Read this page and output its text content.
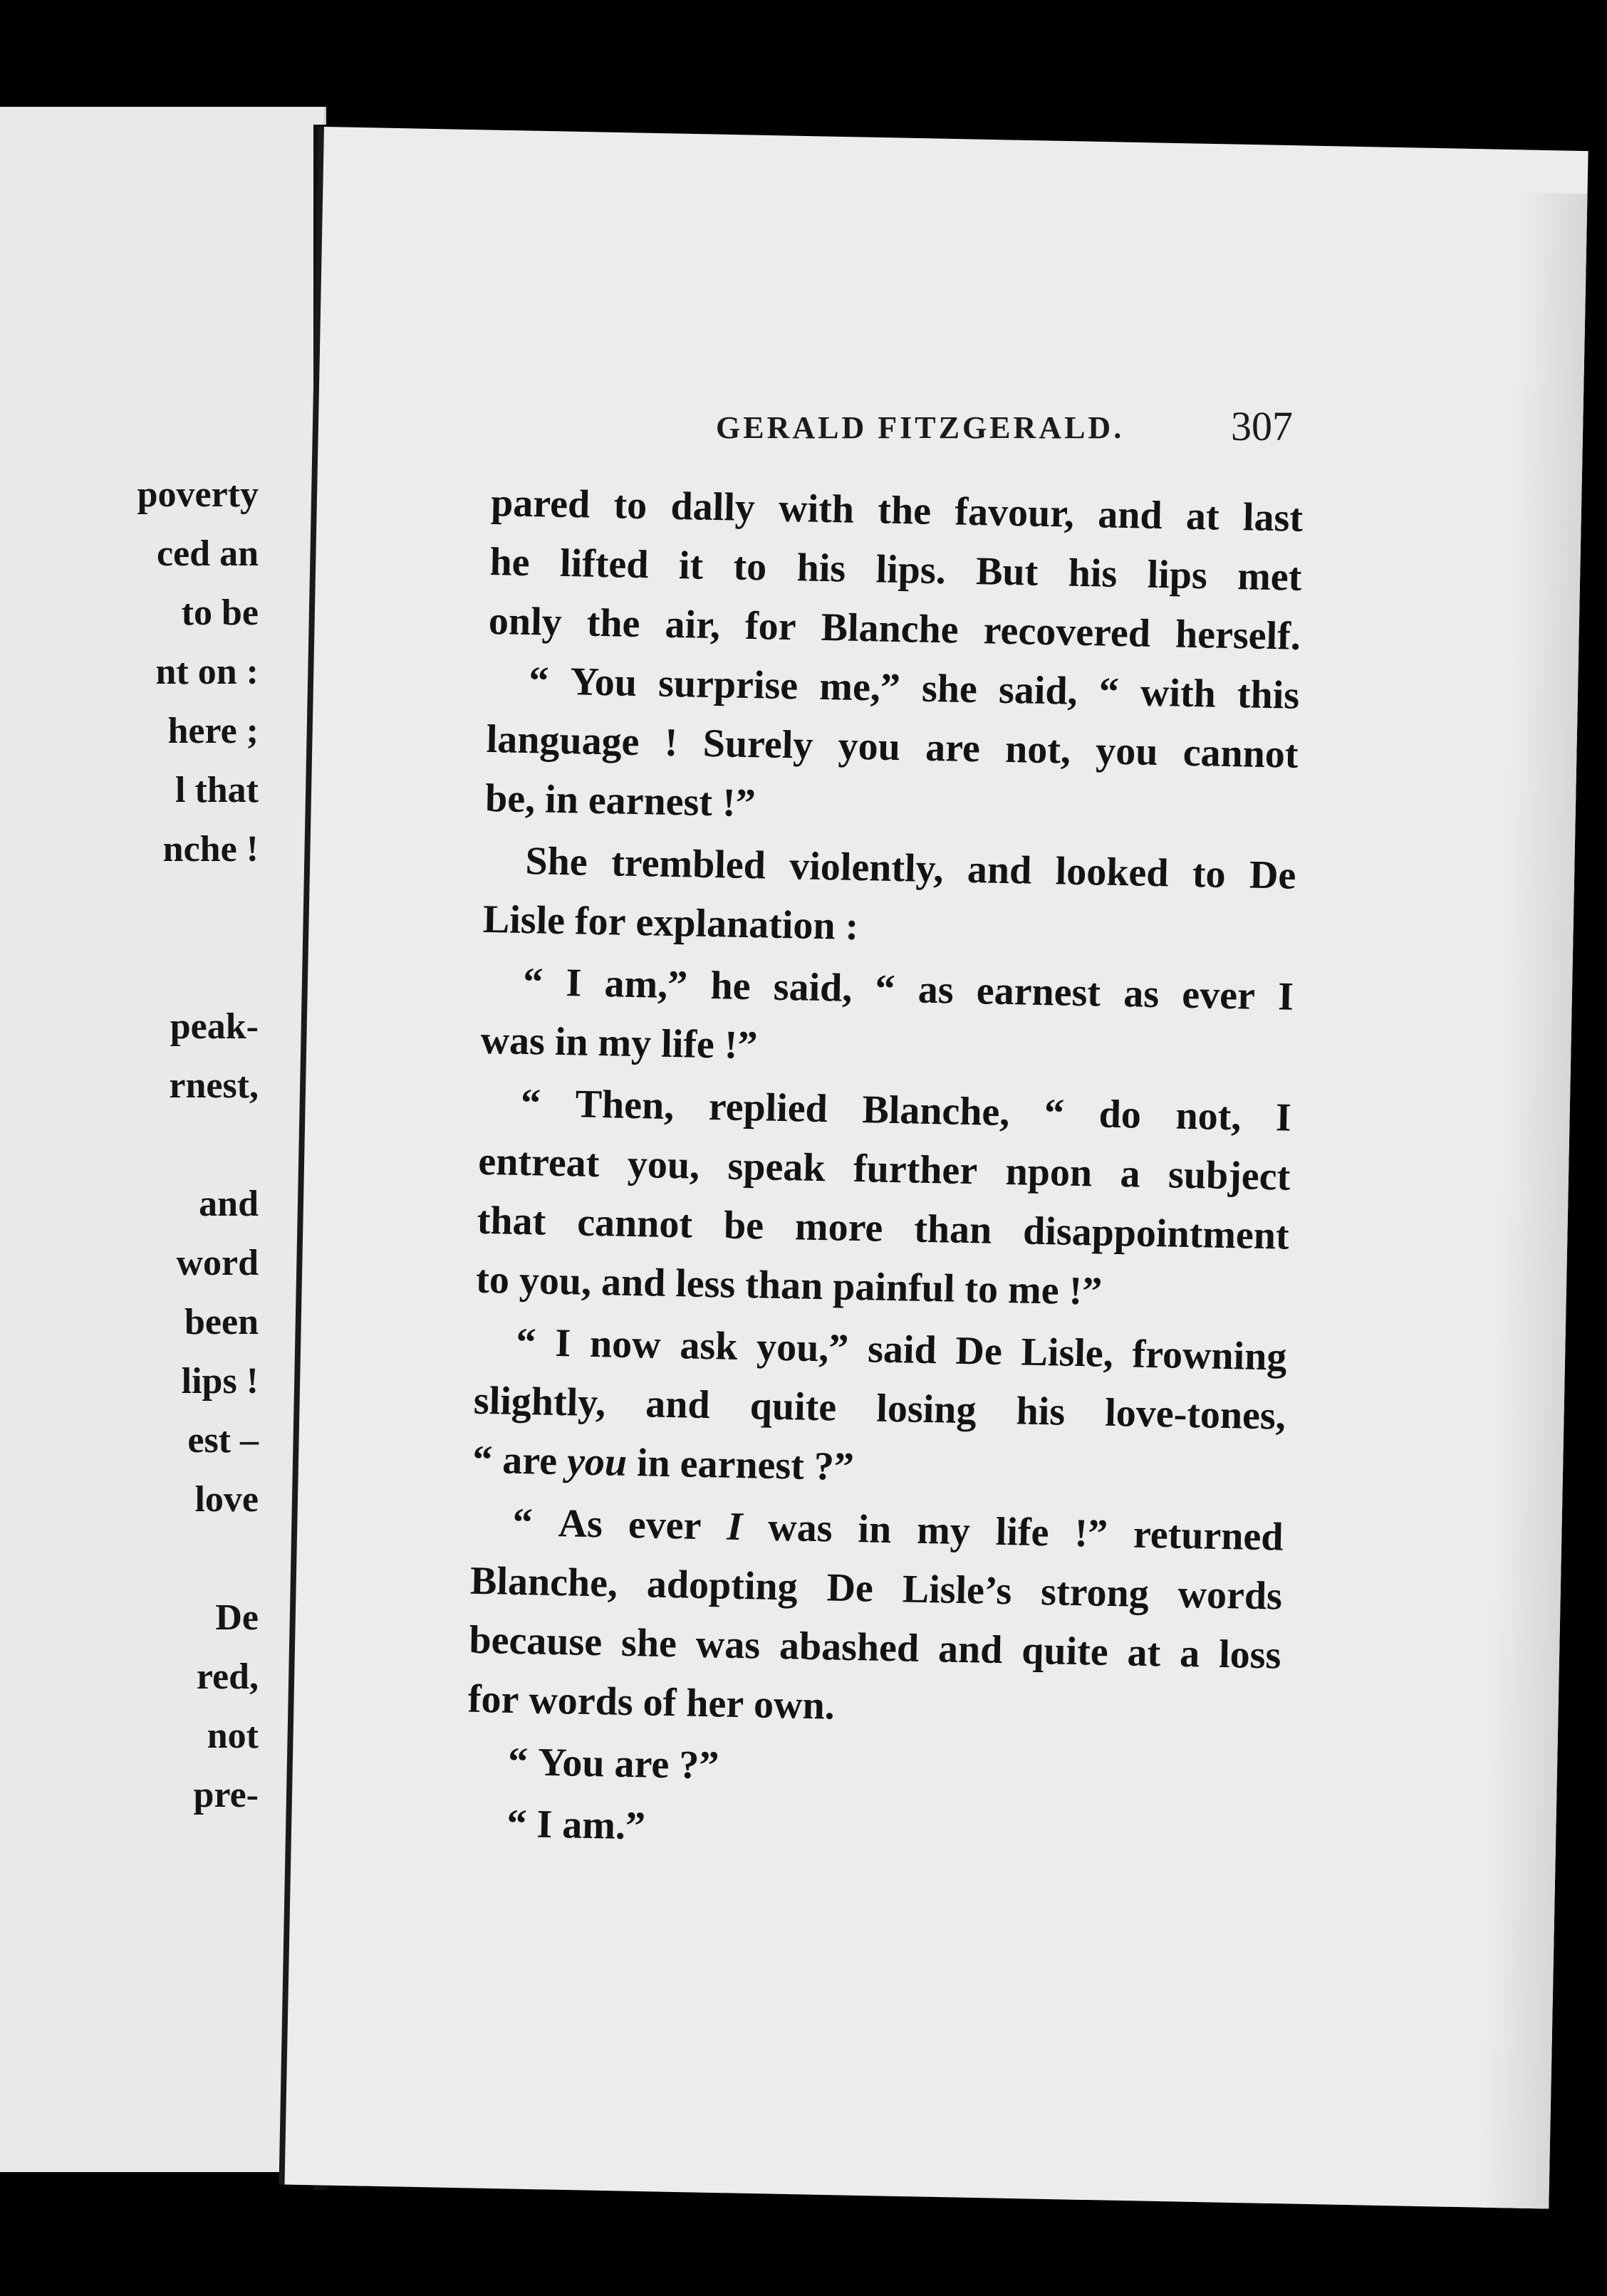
poverty

ced an

to be

nt on :

here ;

l that

nche !

peak-

rnest,

and

word

been

lips !

est –

love

De

red,

not

pre-

GERALD FITZGERALD.	307

pared to dally with the favour, and at last

he lifted it to his lips. But his lips met

only the air, for Blanche recovered herself.

“ You surprise me,” she said, “ with this

language ! Surely you are not, you cannot

be, in earnest !”

She trembled violently, and looked to De

Lisle for explanation :

“ I am,” he said, “ as earnest as ever I

was in my life !”

“ Then, replied Blanche, “ do not, I

entreat you, speak further npon a subject

that cannot be more than disappointment

to you, and less than painful to me !”

“ I now ask you,” said De Lisle, frowning

slightly, and quite losing his love-tones,

“ are you in earnest ?”

“ As ever I was in my life !” returned

Blanche, adopting De Lisle’s strong words

because she was abashed and quite at a loss

for words of her own.

“ You are ?”

“ I am.”
